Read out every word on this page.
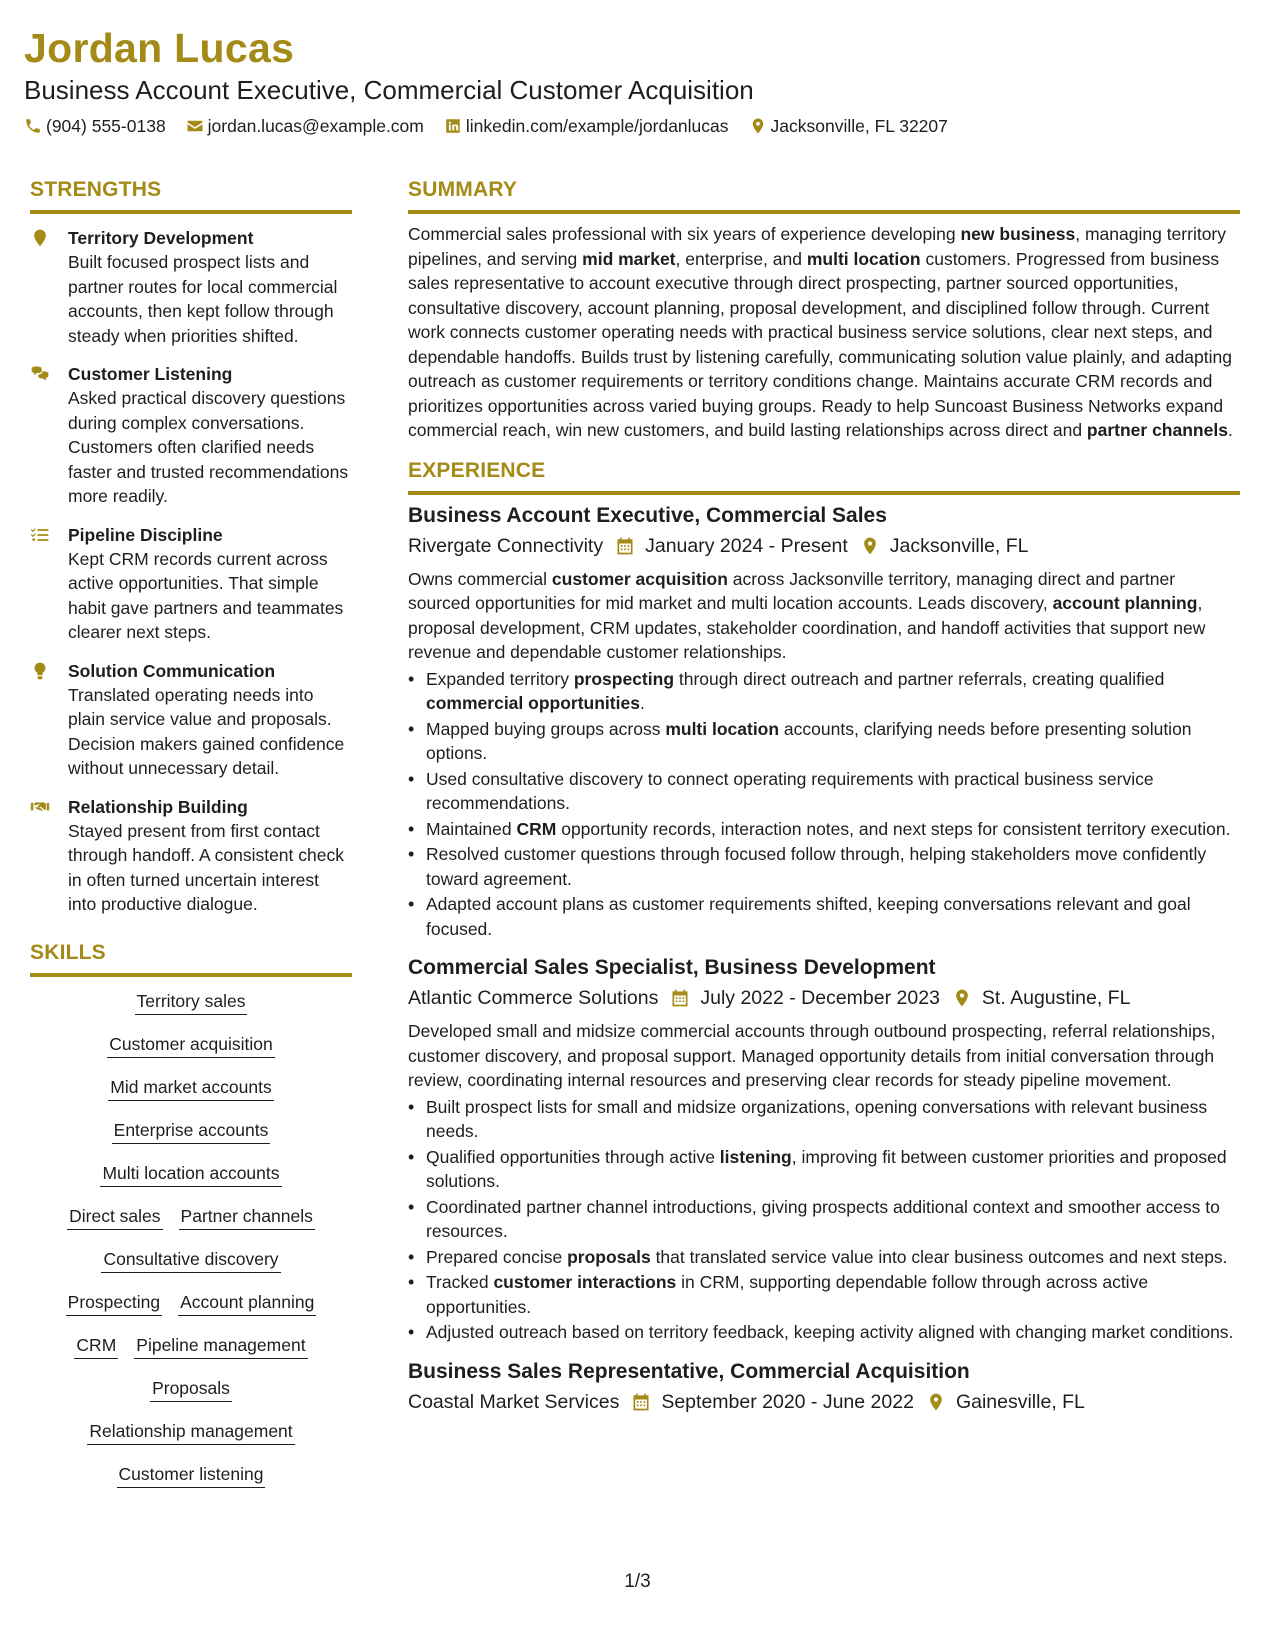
Jordan Lucas
Business Account Executive, Commercial Customer Acquisition
(904) 555-0138 jordan.lucas@example.com linkedin.com/example/jordanlucas Jacksonville, FL 32207
STRENGTHS
Territory Development
Built focused prospect lists and partner routes for local commercial accounts, then kept follow through steady when priorities shifted.
Customer Listening
Asked practical discovery questions during complex conversations. Customers often clarified needs faster and trusted recommendations more readily.
Pipeline Discipline
Kept CRM records current across active opportunities. That simple habit gave partners and teammates clearer next steps.
Solution Communication
Translated operating needs into plain service value and proposals. Decision makers gained confidence without unnecessary detail.
Relationship Building
Stayed present from first contact through handoff. A consistent check in often turned uncertain interest into productive dialogue.
SKILLS
Territory sales
Customer acquisition
Mid market accounts
Enterprise accounts
Multi location accounts
Direct sales Partner channels
Consultative discovery
Prospecting Account planning
CRM Pipeline management
Proposals
Relationship management
Customer listening
SUMMARY
Commercial sales professional with six years of experience developing new business, managing territory pipelines, and serving mid market, enterprise, and multi location customers. Progressed from business sales representative to account executive through direct prospecting, partner sourced opportunities, consultative discovery, account planning, proposal development, and disciplined follow through. Current work connects customer operating needs with practical business service solutions, clear next steps, and dependable handoffs. Builds trust by listening carefully, communicating solution value plainly, and adapting outreach as customer requirements or territory conditions change. Maintains accurate CRM records and prioritizes opportunities across varied buying groups. Ready to help Suncoast Business Networks expand commercial reach, win new customers, and build lasting relationships across direct and partner channels.
EXPERIENCE
Business Account Executive, Commercial Sales
Rivergate Connectivity January 2024 - Present Jacksonville, FL
Owns commercial customer acquisition across Jacksonville territory, managing direct and partner sourced opportunities for mid market and multi location accounts. Leads discovery, account planning, proposal development, CRM updates, stakeholder coordination, and handoff activities that support new revenue and dependable customer relationships.
• Expanded territory prospecting through direct outreach and partner referrals, creating qualified commercial opportunities.
• Mapped buying groups across multi location accounts, clarifying needs before presenting solution options.
• Used consultative discovery to connect operating requirements with practical business service recommendations.
• Maintained CRM opportunity records, interaction notes, and next steps for consistent territory execution.
• Resolved customer questions through focused follow through, helping stakeholders move confidently toward agreement.
• Adapted account plans as customer requirements shifted, keeping conversations relevant and goal focused.
Commercial Sales Specialist, Business Development
Atlantic Commerce Solutions July 2022 - December 2023 St. Augustine, FL
Developed small and midsize commercial accounts through outbound prospecting, referral relationships, customer discovery, and proposal support. Managed opportunity details from initial conversation through review, coordinating internal resources and preserving clear records for steady pipeline movement.
• Built prospect lists for small and midsize organizations, opening conversations with relevant business needs.
• Qualified opportunities through active listening, improving fit between customer priorities and proposed solutions.
• Coordinated partner channel introductions, giving prospects additional context and smoother access to resources.
• Prepared concise proposals that translated service value into clear business outcomes and next steps.
• Tracked customer interactions in CRM, supporting dependable follow through across active opportunities.
• Adjusted outreach based on territory feedback, keeping activity aligned with changing market conditions.
Business Sales Representative, Commercial Acquisition
Coastal Market Services September 2020 - June 2022 Gainesville, FL
1/3
